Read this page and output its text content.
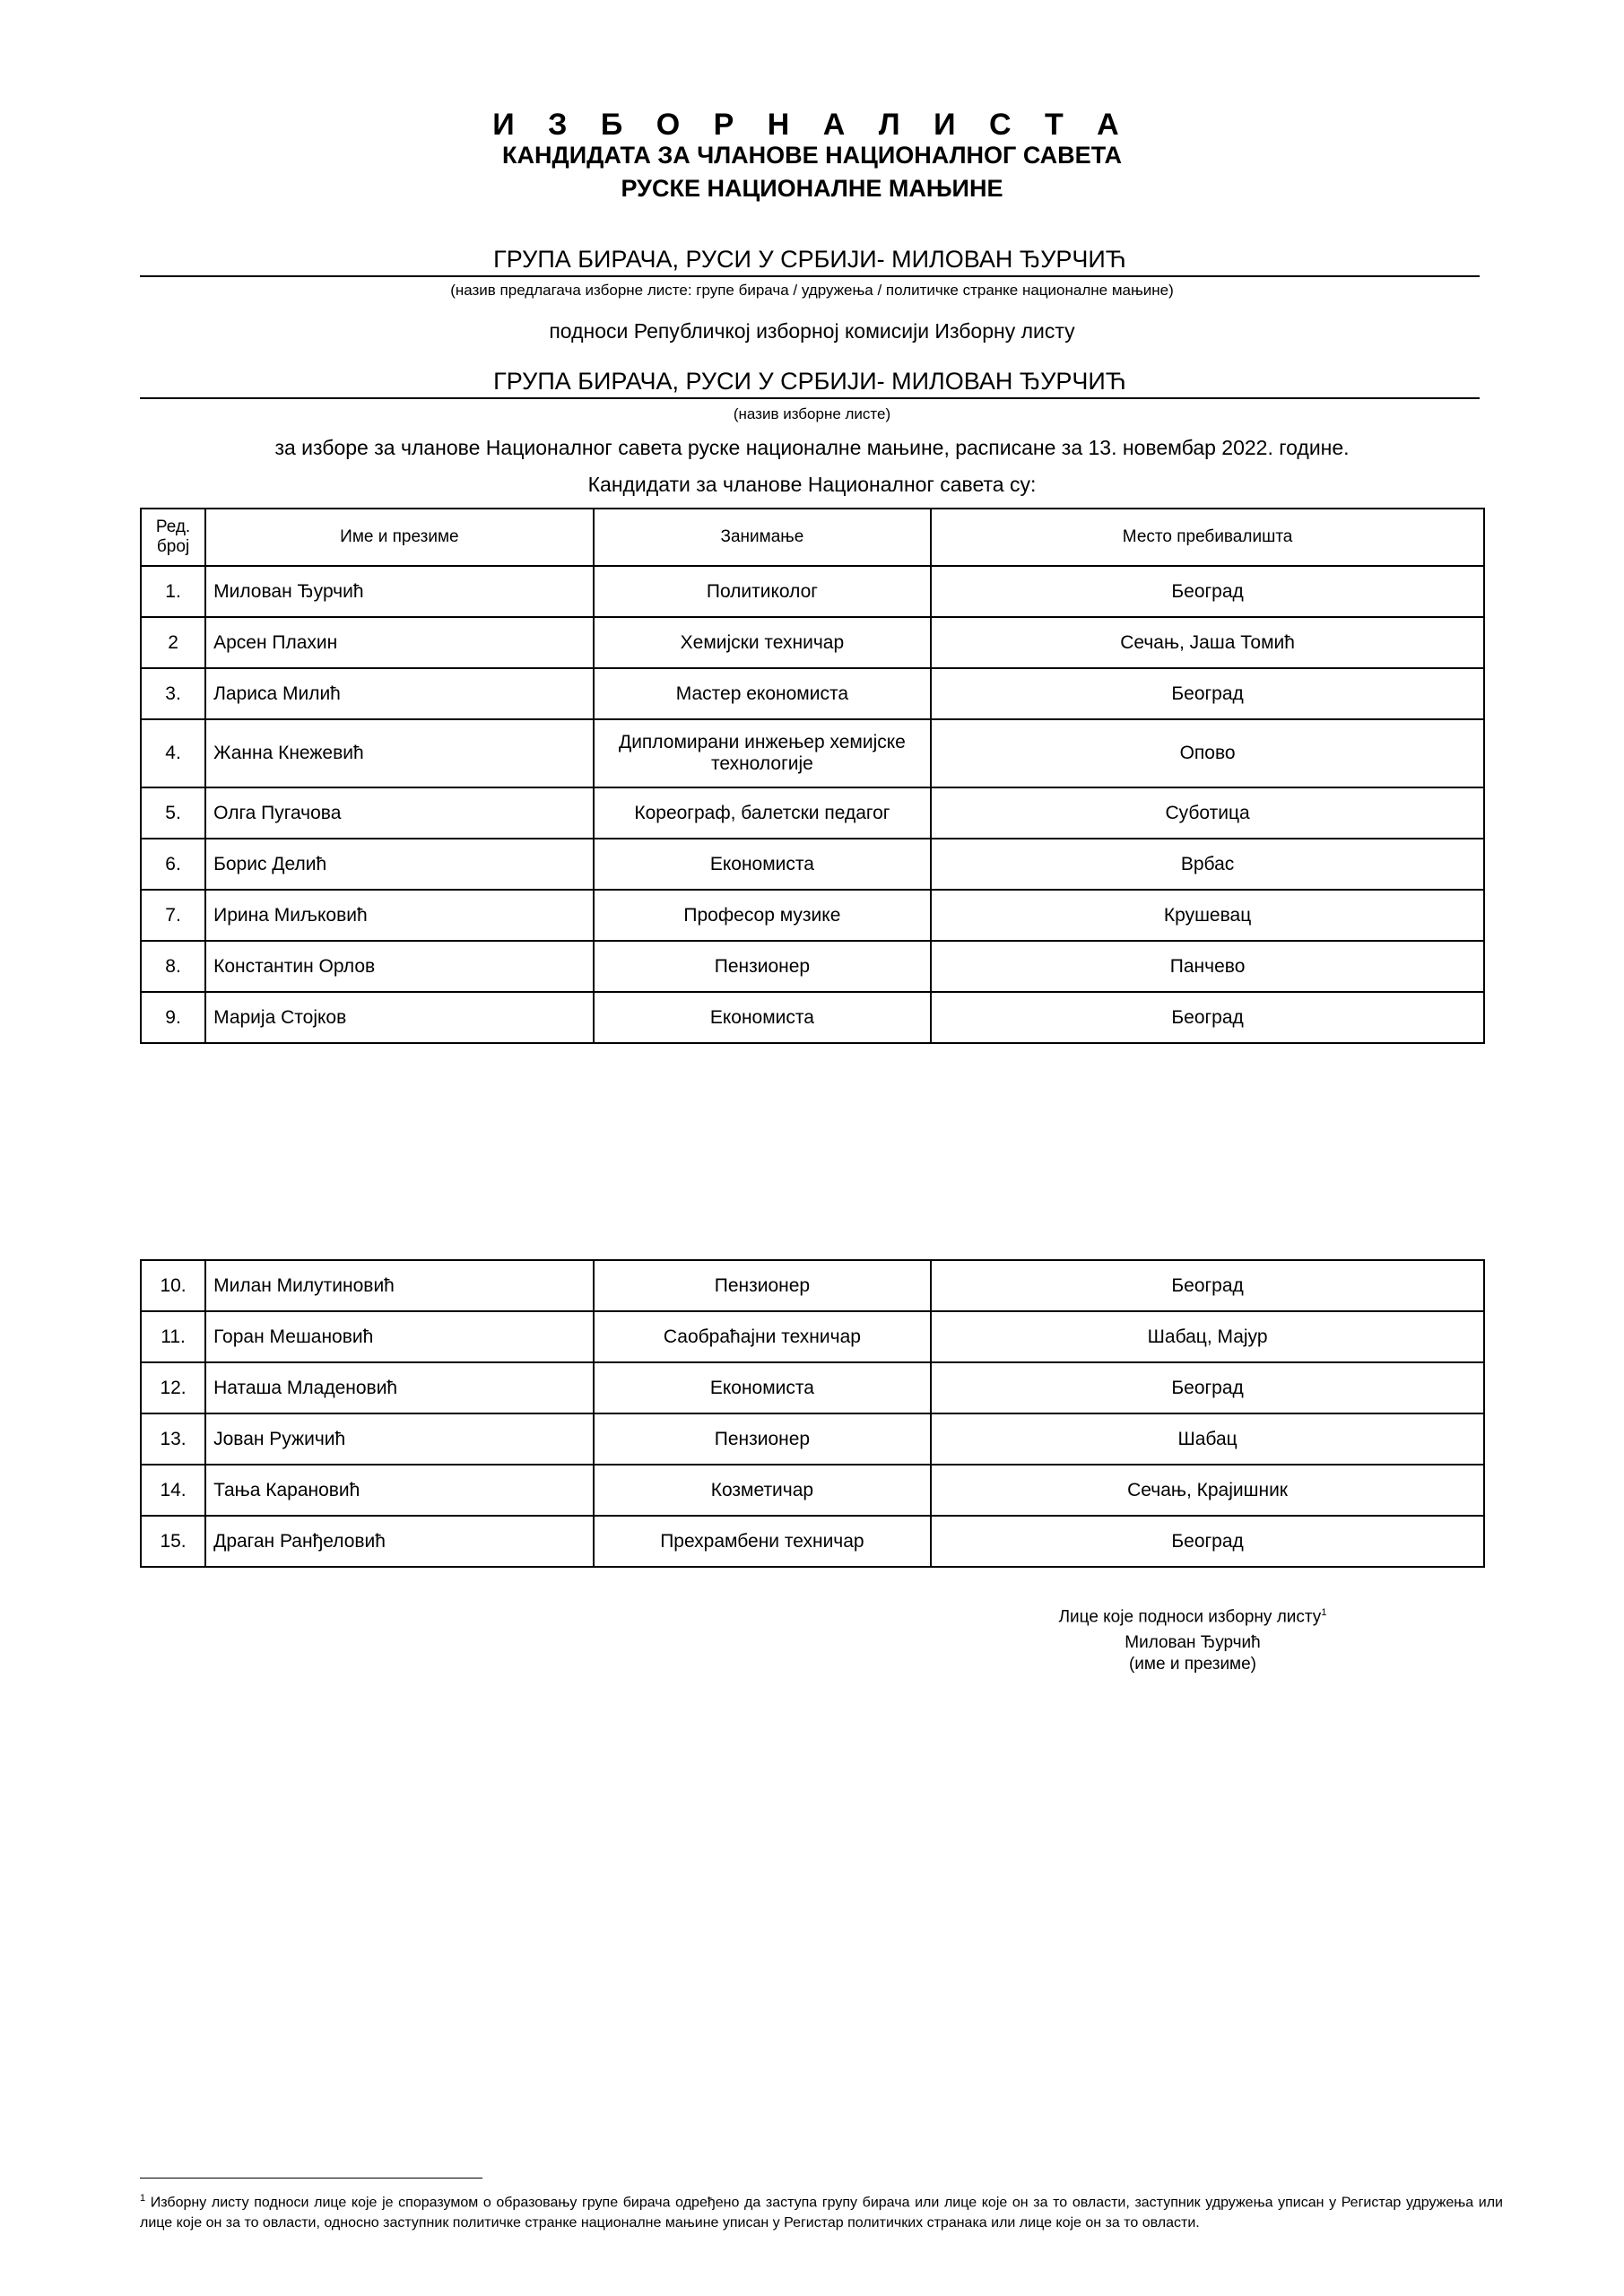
И З Б О Р Н А Л И С Т А
КАНДИДАТА ЗА ЧЛАНОВЕ НАЦИОНАЛНОГ САВЕТА
РУСКЕ НАЦИОНАЛНЕ МАЊИНЕ
ГРУПА БИРАЧА, РУСИ У СРБИЈИ- МИЛОВАН ЂУРЧИЋ
(назив предлагача изборне листе: групе бирача / удружења / политичке странке националне мањине)
подноси Републичкој изборној комисији Изборну листу
ГРУПА БИРАЧА, РУСИ У СРБИЈИ- МИЛОВАН ЂУРЧИЋ
(назив изборне листе)
за изборе за чланове Националног савета руске националне мањине, расписане за 13. новембар 2022. године.
Кандидати за чланове Националног савета су:
Ред. број	Име и презиме	Занимање	Место пребивалишта
1.	Милован Ђурчић	Политиколог	Београд
2	Арсен Плахин	Хемијски техничар	Сечањ, Јаша Томић
3.	Лариса Милић	Мастер економиста	Београд
4.	Жанна Кнежевић	Дипломирани инжењер хемијске технологије	Опово
5.	Олга Пугачова	Кореограф, балетски педагог	Суботица
6.	Борис Делић	Економиста	Врбас
7.	Ирина Миљковић	Професор музике	Крушевац
8.	Константин Орлов	Пензионер	Панчево
9.	Марија Стојков	Економиста	Београд
10.	Милан Милутиновић	Пензионер	Београд
11.	Горан Мешановић	Саобраћајни техничар	Шабац, Мајур
12.	Наташа Младеновић	Економиста	Београд
13.	Јован Ружичић	Пензионер	Шабац
14.	Тања Карановић	Козметичар	Сечањ, Крајишник
15.	Драган Ранђеловић	Прехрамбени техничар	Београд
Лице које подноси изборну листу$^1$
Милован Ђурчић
(име и презиме)
$^1$ Изборну листу подноси лице које је споразумом о образовању групе бирача одређено да заступа групу бирача или лице које он за то овласти, заступник удружења уписан у Регистар удружења или лице које он за то овласти, односно заступник политичке странке националне мањине уписан у Регистар политичких странака или лице које он за то овласти.
